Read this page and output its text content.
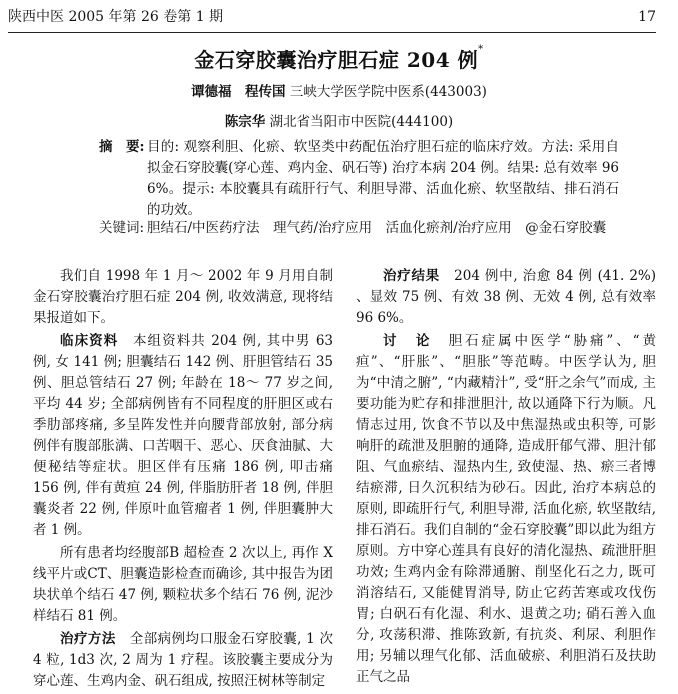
陕西中医 2005 年第 26 卷第 1 期	17
金石穿胶囊治疗胆石症 204 例*
谭德福　程传国 三峡大学医学院中医系(443003)
陈宗华 湖北省当阳市中医院(444100)
摘　要: 目的: 观察利胆、化瘀、软坚类中药配伍治疗胆石症的临床疗效。方法: 采用自拟金石穿胶囊(穿心莲、鸡内金、矾石等) 治疗本病 204 例。结果: 总有效率 96 6%。提示: 本胶囊具有疏肝行气、利胆导滞、活血化瘀、软坚散结、排石消石的功效。
关键词: 胆结石/中医药疗法　理气药/治疗应用　活血化瘀剂/治疗应用　@金石穿胶囊

我们自 1998 年 1 月～ 2002 年 9 月用自制金石穿胶囊治疗胆石症 204 例, 收效满意, 现将结果报道如下。

临床资料　 本组资料共 204 例, 其中男 63 例, 女 141 例; 胆囊结石 142 例、肝胆管结石 35 例、胆总管结石 27 例; 年龄在 18～ 77 岁之间, 平均 44 岁; 全部病例皆有不同程度的肝胆区或右季肋部疼痛, 多呈阵发性并向腰背部放射, 部分病例伴有腹部胀满、口苦咽干、恶心、厌食油腻、大便秘结等症状。胆区伴有压痛 186 例, 叩击痛 156 例, 伴有黄疸 24 例, 伴脂肪肝者 18 例, 伴胆囊炎者 22 例, 伴原叶血管瘤者 1 例, 伴胆囊肿大者 1 例。

所有患者均经腹部B 超检查 2 次以上, 再作 X 线平片或CT、胆囊造影检查而确诊, 其中报告为团块状单个结石 47 例, 颗粒状多个结石 76 例, 泥沙样结石 81 例。

治疗方法　 全部病例均口服金石穿胶囊, 1 次 4 粒, 1d3 次, 2 周为 1 疗程。该胶囊主要成分为穿心莲、生鸡内金、矾石组成, 按照汪树林等制定

治疗结果　 204 例中, 治愈 84 例 (41. 2%) 、显效 75 例、有效 38 例、无效 4 例, 总有效率 96 6%。

讨　论　 胆石症属中医学“胁痛”、“黄疸”、“肝胀”、“胆胀”等范畴。中医学认为, 胆为“中清之腑”, “内藏精汁”, 受“肝之余气”而成, 主要功能为贮存和排泄胆汁, 故以通降下行为顺。凡情志过用, 饮食不节以及中焦湿热或虫积等, 可影响肝的疏泄及胆腑的通降, 造成肝郁气滞、胆汁郁阻、气血瘀结、湿热内生, 致使湿、热、瘀三者博结瘀滞, 日久沉积结为砂石。因此, 治疗本病总的原则, 即疏肝行气, 利胆导滞, 活血化瘀, 软坚散结, 排石消石。我们自制的“金石穿胶囊”即以此为组方原则。方中穿心莲具有良好的清化湿热、疏泄肝胆功效; 生鸡内金有除滞通腑、削坚化石之力, 既可消溶结石, 又能健胃消导, 防止它药苦寒或攻伐伤胃; 白矾石有化湿、利水、退黄之功; 硝石善入血分, 攻荡积滞、推陈致新, 有抗炎、利尿、利胆作用; 另辅以理气化郁、活血破瘀、利胆消石及扶助正气之品
